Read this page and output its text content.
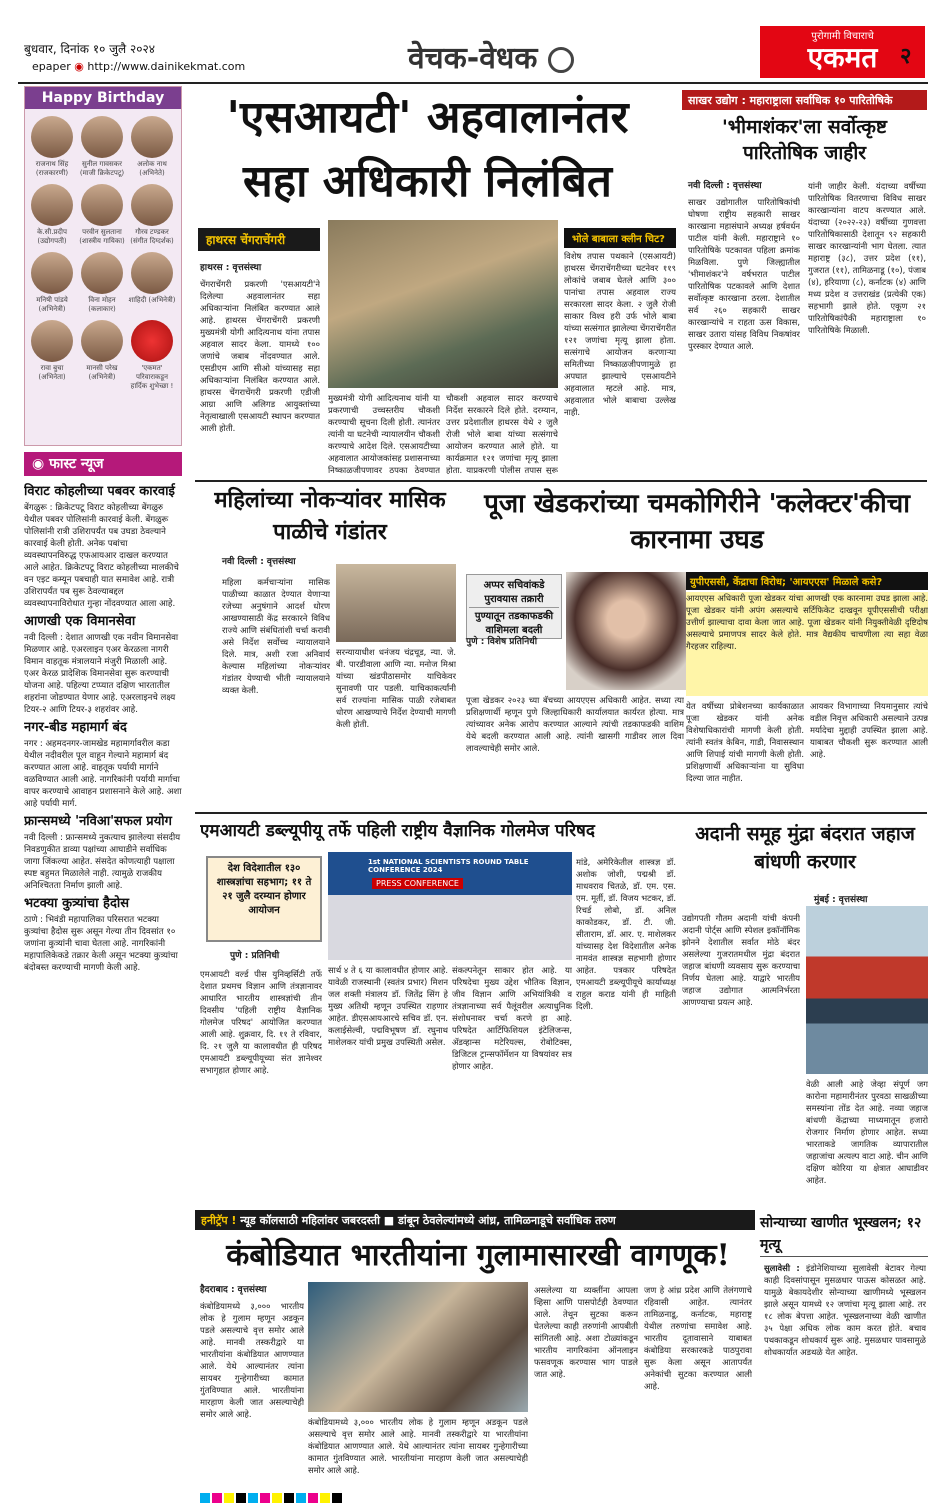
बुधवार, दिनांक १० जुलै २०२४
epaper ◉ http://www.dainikekmat.com	वेचक-वेधक
पुरोगामी विचाराचे
एकमत
Happy Birthday
राजनाथ सिंह (राजकारणी)
सुनील गावसकर (माजी क्रिकेटपटू)
अलोक नाथ (अभिनेते)
के.सी.प्रदीप (उद्योगपती)
परवीन सुलताना (शास्त्रीय गायिका)
गौरव टण्डकर (संगीत दिग्दर्शक)
मनिषी पांडये (अभिनेत्री)
विना मोहन (कलाकार)
शाहिदी (अभिनेत्री)
रावा बुचा (अभिनेता)
मानसी परेख (अभिनेत्री)
'एकमत' परिवाराकडून हार्दिक शुभेच्छा !
◉ फास्ट न्यूज
विराट कोहलीच्या पबवर कारवाई

बेंगळुरू : क्रिकेटपटू विराट कोहलीच्या बेंगळुरु येथील पबवर पोलिसांनी कारवाई केली. बेंगळुरू पोलिसांनी रात्री उशिरापर्यंत पब उघडा ठेवल्याने कारवाई केली होती. अनेक पबांचा व्यवस्थापनविरुद्ध एफआयआर दाखल करण्यात आले आहेत. क्रिकेटपटू विराट कोहलीच्या मालकीचे वन एइट कम्यून पबचाही यात समावेश आहे. रात्री उशिरापर्यंत पब सुरू ठेवल्याबद्दल व्यवस्थापनाविरोधात गुन्हा नोंदवण्यात आला आहे.

आणखी एक विमानसेवा

नवी दिल्ली : देशात आणखी एक नवीन विमानसेवा मिळणार आहे. एअरलाइन एअर केरळला नागरी विमान वाहतूक मंत्रालयाने मंजुरी मिळाली आहे. एअर केरळ प्रादेशिक विमानसेवा सुरू करण्याची योजना आहे. पहिल्या टप्प्यात दक्षिण भारतातील शहरांना जोडण्यात येणार आहे. एअरलाइनचे लक्ष्य टियर-२ आणि टियर-३ शहरांवर आहे.

नगर-बीड महामार्ग बंद

नगर : अहमदनगर-जामखेड महामार्गावरील कडा येथील नदीवरील पूल वाहून गेल्याने महामार्ग बंद करण्यात आला आहे. वाहतूक पर्यायी मार्गाने वळविण्यात आली आहे. नागरिकांनी पर्यायी मार्गाचा वापर करण्याचे आवाहन प्रशासनाने केले आहे. अशा आहे पर्यायी मार्ग.

फ्रान्समध्ये 'नविआ'सफल प्रयोग

नवी दिल्ली : फ्रान्समध्ये नुकत्याच झालेल्या संसदीय निवडणुकीत डाव्या पक्षांच्या आघाडीने सर्वाधिक जागा जिंकल्या आहेत. संसदेत कोणत्याही पक्षाला स्पष्ट बहुमत मिळालेले नाही. त्यामुळे राजकीय अनिश्चितता निर्माण झाली आहे.

भटक्या कुत्र्यांचा हैदोस

ठाणे : भिवंडी महापालिका परिसरात भटक्या कुत्र्यांचा हैदोस सुरू असून गेल्या तीन दिवसांत १० जणांना कुत्र्यांनी चावा घेतला आहे. नागरिकांनी महापालिकेकडे तक्रार केली असून भटक्या कुत्र्यांचा बंदोबस्त करण्याची मागणी केली आहे.

'एसआयटी' अहवालानंतर सहा अधिकारी निलंबित
हाथरस चेंगराचेंगरी
हाथरस : वृत्तसंस्था
चेंगराचेंगरी प्रकरणी 'एसआयटी'ने दिलेल्या अहवालानंतर सहा अधिकाऱ्यांना निलंबित करण्यात आले आहे. हाथरस चेंगराचेंगरी प्रकरणी मुख्यमंत्री योगी आदित्यनाथ यांना तपास अहवाल सादर केला. यामध्ये १०० जणांचे जबाब नोंदवण्यात आले. एसडीएम आणि सीओ यांच्यासह सहा अधिकाऱ्यांना निलंबित करण्यात आले. हाथरस चेंगराचेंगरी प्रकरणी एडीजी आग्रा आणि अलिगड आयुक्तांच्या नेतृत्वाखाली एसआयटी स्थापन करण्यात आली होती.
मुख्यमंत्री योगी आदित्यनाथ यांनी या प्रकरणाची उच्चस्तरीय चौकशी करण्याची सूचना दिली होती. त्यानंतर त्यांनी या घटनेची न्यायालयीन चौकशी करण्याचे आदेश दिले. एसआयटीच्या अहवालात आयोजकांसह प्रशासनाच्या निष्काळजीपणावर ठपका ठेवण्यात
चौकशी अहवाल सादर करण्याचे निर्देश सरकारने दिले होते. दरम्यान, उत्तर प्रदेशातील हाथरस येथे २ जुलै रोजी भोले बाबा यांच्या सत्संगाचे आयोजन करण्यात आले होते. या कार्यक्रमात १२१ जणांचा मृत्यू झाला होता. याप्रकरणी पोलीस तपास सुरू
भोले बाबाला क्लीन चिट?
विशेष तपास पथकाने (एसआयटी) हाथरस चेंगराचेंगरीच्या घटनेवर ११९ लोकांचे जबाब घेतले आणि ३०० पानांचा तपास अहवाल राज्य सरकारला सादर केला. २ जुलै रोजी साकार विश्व हरी उर्फ भोले बाबा यांच्या सत्संगात झालेल्या चेंगराचेंगरीत १२१ जणांचा मृत्यू झाला होता. सत्संगाचे आयोजन करणाऱ्या समितीच्या निष्काळजीपणामुळे हा अपघात झाल्याचे एसआयटीने अहवालात म्हटले आहे. मात्र, अहवालात भोले बाबाचा उल्लेख नाही.
साखर उद्योग : महाराष्ट्राला सर्वाधिक १० पारितोषिके
'भीमाशंकर'ला सर्वोत्कृष्ट पारितोषिक जाहीर
नवी दिल्ली : वृत्तसंस्था
साखर उद्योगातील पारितोषिकांची घोषणा राष्ट्रीय सहकारी साखर कारखाना महासंघाने अध्यक्ष हर्षवर्धन पाटील यांनी केली. महाराष्ट्राने १० पारितोषिके पटकावत पहिला क्रमांक मिळविला. पुणे जिल्ह्यातील 'भीमाशंकर'ने वर्षभरात पाटील पारितोषिक पटकावले आणि देशात सर्वोत्कृष्ट कारखाना ठरला. देशातील सर्व २६० सहकारी साखर कारखान्यांचे न राहता ऊस विकास, साखर उतारा यांसह विविध निकषांवर पुरस्कार देण्यात आले.
यांनी जाहीर केली. यंदाच्या वर्षीच्या पारितोषिक वितरणाचा विविध साखर कारखान्यांना वाटप करण्यात आले. यंदाच्या (२०२२-२३) वर्षीच्या गुणवत्ता पारितोषिकासाठी देशातून ९२ सहकारी साखर कारखान्यांनी भाग घेतला. त्यात महाराष्ट्र (३८), उत्तर प्रदेश (११), गुजरात (११), तामिळनाडू (१०), पंजाब (४), हरियाणा (८), कर्नाटक (४) आणि मध्य प्रदेश व उत्तराखंड (प्रत्येकी एक) सहभागी झाले होते. एकूण २१ पारितोषिकांपैकी महाराष्ट्राला १० पारितोषिके मिळाली.
महिलांच्या नोकऱ्यांवर मासिक पाळीचे गंडांतर
नवी दिल्ली : वृत्तसंस्था
महिला कर्मचाऱ्यांना मासिक पाळीच्या काळात देण्यात येणाऱ्या रजेच्या अनुषंगाने आदर्श धोरण आखण्यासाठी केंद्र सरकारने विविध राज्ये आणि संबंधितांशी चर्चा करावी असे निर्देश सर्वोच्च न्यायालयाने दिले. मात्र, अशी रजा अनिवार्य केल्यास महिलांच्या नोकऱ्यांवर गंडांतर येण्याची भीती न्यायालयाने व्यक्त केली.
सरन्यायाधीश धनंजय चंद्रचूड, न्या. जे. बी. पारडीवाला आणि न्या. मनोज मिश्रा यांच्या खंडपीठासमोर याचिकेवर सुनावणी पार पडली. याचिकाकर्त्यांनी सर्व राज्यांना मासिक पाळी रजेबाबत धोरण आखण्याचे निर्देश देण्याची मागणी केली होती.
पूजा खेडकरांच्या चमकोगिरीने 'कलेक्टर'कीचा कारनामा उघड
अप्पर सचिवांकडे पुरावयास तक्रारी
पुण्यातून तडकाफडकी वाशिमला बदली
पुणे : विशेष प्रतिनिधी
पूजा खेडकर २०२३ च्या बॅचच्या आयएएस अधिकारी आहेत. सध्या त्या प्रशिक्षणार्थी म्हणून पुणे जिल्हाधिकारी कार्यालयात कार्यरत होत्या. मात्र त्यांच्यावर अनेक आरोप करण्यात आल्याने त्यांची तडकाफडकी वाशिम येथे बदली करण्यात आली आहे. त्यांनी खासगी गाडीवर लाल दिवा लावल्याचेही समोर आले.
युपीएससी, केंद्राचा विरोध; 'आयएएस' मिळाले कसे?
आयएएस अधिकारी पूजा खेडकर यांचा आणखी एक कारनामा उघड झाला आहे. पूजा खेडकर यांनी अपंग असल्याचे सर्टिफिकेट दाखवून यूपीएससीची परीक्षा उत्तीर्ण झाल्याचा दावा केला जात आहे. पूजा खेडकर यांनी नियुक्तीवेळी दृष्टिदोष असल्याचे प्रमाणपत्र सादर केले होते. मात्र वैद्यकीय चाचणीला त्या सहा वेळा गैरहजर राहिल्या.
येत वर्षीच्या प्रोबेशनच्या कार्यकाळात पूजा खेडकर यांनी अनेक विशेषाधिकारांची मागणी केली होती. त्यांनी स्वतंत्र केबिन, गाडी, निवासस्थान आणि शिपाई यांची मागणी केली होती. प्रशिक्षणार्थी अधिकाऱ्यांना या सुविधा दिल्या जात नाहीत.
आयकर विभागाच्या नियमानुसार त्यांचे वडील निवृत्त अधिकारी असल्याने उत्पन्न मर्यादेचा मुद्दाही उपस्थित झाला आहे. याबाबत चौकशी सुरू करण्यात आली आहे.
एमआयटी डब्ल्यूपीयू तर्फे पहिली राष्ट्रीय वैज्ञानिक गोलमेज परिषद
देश विदेशातील १३० शास्त्रज्ञांचा सहभाग; ११ ते २१ जुलै दरम्यान होणार आयोजन
पुणे : प्रतिनिधी
एमआयटी वर्ल्ड पीस युनिव्हर्सिटी तर्फे देशात प्रथमच विज्ञान आणि तंत्रज्ञानावर आधारित भारतीय शास्त्रज्ञांची तीन दिवसीय 'पहिली राष्ट्रीय वैज्ञानिक गोलमेज परिषद' आयोजित करण्यात आली आहे. शुक्रवार, दि. ११ ते रविवार, दि. २१ जुलै या कालावधीत ही परिषद एमआयटी डब्ल्यूपीयूच्या संत ज्ञानेश्वर सभागृहात होणार आहे.
1st NATIONAL SCIENTISTS ROUND TABLE CONFERENCE 2024
PRESS CONFERENCE
सार्थ ४ ते ६ या कालावधीत होणार आहे. यावेळी राजस्थानी (स्वतंत्र प्रभार) मिशन जल शक्ती मंत्रालय डॉ. जितेंद्र सिंग हे मुख्य अतिथी म्हणून उपस्थित राहणार आहेत. डीएसआयआरचे सचिव डॉ. एन. कलाईसेल्वी, पद्मविभूषण डॉ. रघुनाथ माशेलकर यांची प्रमुख उपस्थिती असेल.
संकल्पनेतून साकार होत आहे. या परिषदेचा मुख्य उद्देश भौतिक विज्ञान, जीव विज्ञान आणि अभियांत्रिकी व तंत्रज्ञानाच्या सर्व पैलूंवरील अत्याधुनिक संशोधनावर चर्चा करणे हा आहे. परिषदेत आर्टिफिशियल इंटेलिजन्स, ॲडव्हान्स मटेरियल्स, रोबोटिक्स, डिजिटल ट्रान्सफॉर्मेशन या विषयांवर सत्र होणार आहेत.
मांडे, अमेरिकेतील शास्त्रज्ञ डॉ. अशोक जोशी, पद्मश्री डॉ. माधवराव चितळे, डॉ. एम. एस. एम. मूर्ती, डॉ. विजय भटकर, डॉ. रिचर्ड लोबो, डॉ. अनिल काकोडकर, डॉ. टी. जी. सीताराम, डॉ. आर. ए. माशेलकर यांच्यासह देश विदेशातील अनेक नामवंत शास्त्रज्ञ सहभागी होणार आहेत. पत्रकार परिषदेत एमआयटी डब्ल्यूपीयूचे कार्याध्यक्ष राहुल कराड यांनी ही माहिती दिली.
अदानी समूह मुंद्रा बंदरात जहाज बांधणी करणार
मुंबई : वृत्तसंस्था
उद्योगपती गौतम अदानी यांची कंपनी अदानी पोर्ट्स आणि स्पेशल इकॉनॉमिक झोनने देशातील सर्वात मोठे बंदर असलेल्या गुजरातमधील मुंद्रा बंदरात जहाज बांधणी व्यवसाय सुरू करण्याचा निर्णय घेतला आहे. याद्वारे भारतीय जहाज उद्योगात आत्मनिर्भरता आणण्याचा प्रयत्न आहे.
वेळी आली आहे जेव्हा संपूर्ण जग कारोना महामारीनंतर पुरवठा साखळीच्या समस्यांना तोंड देत आहे. नव्या जहाज बांधणी केंद्राच्या माध्यमातून हजारो रोजगार निर्माण होणार आहेत. सध्या भारताकडे जागतिक व्यापारातील जहाजांचा अत्यल्प वाटा आहे. चीन आणि दक्षिण कोरिया या क्षेत्रात आघाडीवर आहेत.
हनीट्रॅप ! न्यूड कॉलसाठी महिलांवर जबरदस्ती ■ डांबून ठेवलेल्यांमध्ये आंध्र, तामिळनाडूचे सर्वाधिक तरुण
कंबोडियात भारतीयांना गुलामासारखी वागणूक!
हैदराबाद : वृत्तसंस्था
कंबोडियामध्ये ३,००० भारतीय लोक हे गुलाम म्हणून अडकून पडले असल्याचे वृत्त समोर आले आहे. मानवी तस्करीद्वारे या भारतीयांना कंबोडियात आणण्यात आले. येथे आल्यानंतर त्यांना सायबर गुन्हेगारीच्या कामात गुंतविण्यात आले. भारतीयांना मारहाण केली जात असल्याचेही समोर आले आहे.
असलेल्या या व्यक्तींना आपला व्हिसा आणि पासपोर्टही ठेवण्यात आले. तेथून सुटका करून घेतलेल्या काही तरुणांनी आपबीती सांगितली आहे. अशा टोळ्यांकडून भारतीय नागरिकांना ऑनलाइन फसवणूक करण्यास भाग पाडले जात आहे.
जण हे आंध्र प्रदेश आणि तेलंगणाचे रहिवासी आहेत. त्यानंतर तामिळनाडू, कर्नाटक, महाराष्ट्र येथील तरुणांचा समावेश आहे. भारतीय दूतावासाने याबाबत कंबोडिया सरकारकडे पाठपुरावा सुरू केला असून आतापर्यंत अनेकांची सुटका करण्यात आली आहे.
कंबोडियामध्ये ३,००० भारतीय लोक हे गुलाम म्हणून अडकून पडले असल्याचे वृत्त समोर आले आहे. मानवी तस्करीद्वारे या भारतीयांना कंबोडियात आणण्यात आले. येथे आल्यानंतर त्यांना सायबर गुन्हेगारीच्या कामात गुंतविण्यात आले. भारतीयांना मारहाण केली जात असल्याचेही समोर आले आहे.
सोन्याच्या खाणीत भूस्खलन; १२ मृत्यू
सुलावेसी : इंडोनेशियाच्या सुलावेसी बेटावर गेल्या काही दिवसांपासून मुसळधार पाऊस कोसळत आहे. यामुळे बेकायदेशीर सोन्याच्या खाणीमध्ये भूस्खलन झाले असून यामध्ये १२ जणांचा मृत्यू झाला आहे. तर १८ लोक बेपत्ता आहेत. भूस्खलनाच्या वेळी खाणीत ३५ पेक्षा अधिक लोक काम करत होते. बचाव पथकाकडून शोधकार्य सुरू आहे. मुसळधार पावसामुळे शोधकार्यात अडथळे येत आहेत.
२
